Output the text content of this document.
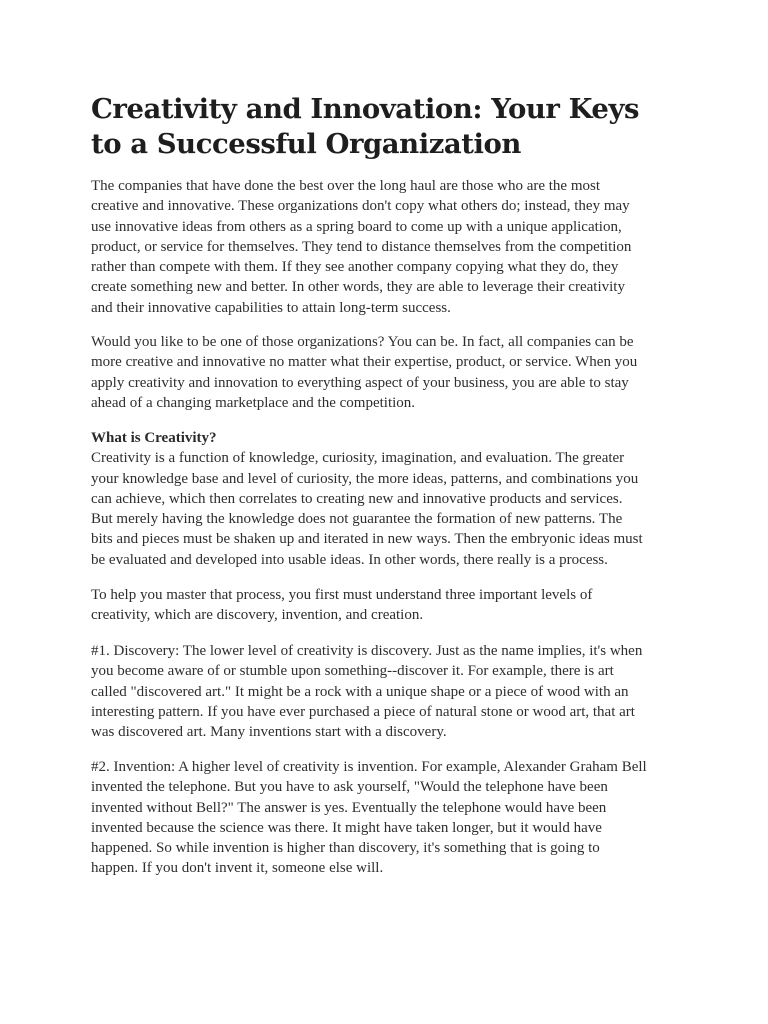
Creativity and Innovation: Your Keys
to a Successful Organization

The companies that have done the best over the long haul are those who are the most
creative and innovative. These organizations don't copy what others do; instead, they may
use innovative ideas from others as a spring board to come up with a unique application,
product, or service for themselves. They tend to distance themselves from the competition
rather than compete with them. If they see another company copying what they do, they
create something new and better. In other words, they are able to leverage their creativity
and their innovative capabilities to attain long-term success.

Would you like to be one of those organizations? You can be. In fact, all companies can be
more creative and innovative no matter what their expertise, product, or service. When you
apply creativity and innovation to everything aspect of your business, you are able to stay
ahead of a changing marketplace and the competition.

What is Creativity?
Creativity is a function of knowledge, curiosity, imagination, and evaluation. The greater
your knowledge base and level of curiosity, the more ideas, patterns, and combinations you
can achieve, which then correlates to creating new and innovative products and services.
But merely having the knowledge does not guarantee the formation of new patterns. The
bits and pieces must be shaken up and iterated in new ways. Then the embryonic ideas must
be evaluated and developed into usable ideas. In other words, there really is a process.

To help you master that process, you first must understand three important levels of
creativity, which are discovery, invention, and creation.

#1. Discovery: The lower level of creativity is discovery. Just as the name implies, it's when
you become aware of or stumble upon something--discover it. For example, there is art
called "discovered art." It might be a rock with a unique shape or a piece of wood with an
interesting pattern. If you have ever purchased a piece of natural stone or wood art, that art
was discovered art. Many inventions start with a discovery.

#2. Invention: A higher level of creativity is invention. For example, Alexander Graham Bell
invented the telephone. But you have to ask yourself, "Would the telephone have been
invented without Bell?" The answer is yes. Eventually the telephone would have been
invented because the science was there. It might have taken longer, but it would have
happened. So while invention is higher than discovery, it's something that is going to
happen. If you don't invent it, someone else will.
